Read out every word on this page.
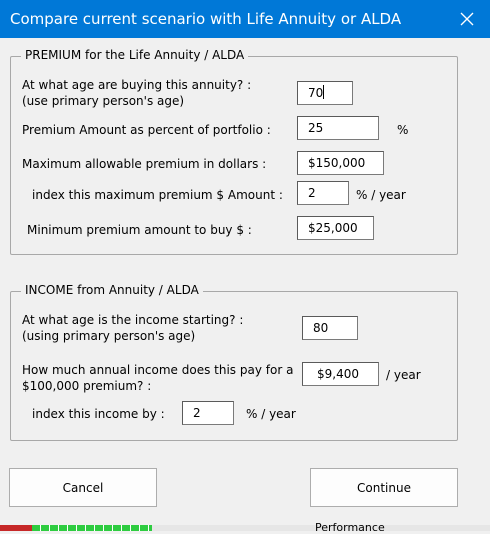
Compare current scenario with Life Annuity or ALDA
PREMIUM for the Life Annuity / ALDA
At what age are buying this annuity? :
(use primary person's age)
70
Premium Amount as percent of portfolio :	25	%
Maximum allowable premium in dollars :	$150,000
index this maximum premium $ Amount :	2	% / year
Minimum premium amount to buy $ :	$25,000
INCOME from Annuity / ALDA
At what age is the income starting? :
(using primary person's age)
80
How much annual income does this pay for a
$100,000 premium? :
$9,400	/ year
index this income by :	2	% / year
Cancel	Continue
Performance
